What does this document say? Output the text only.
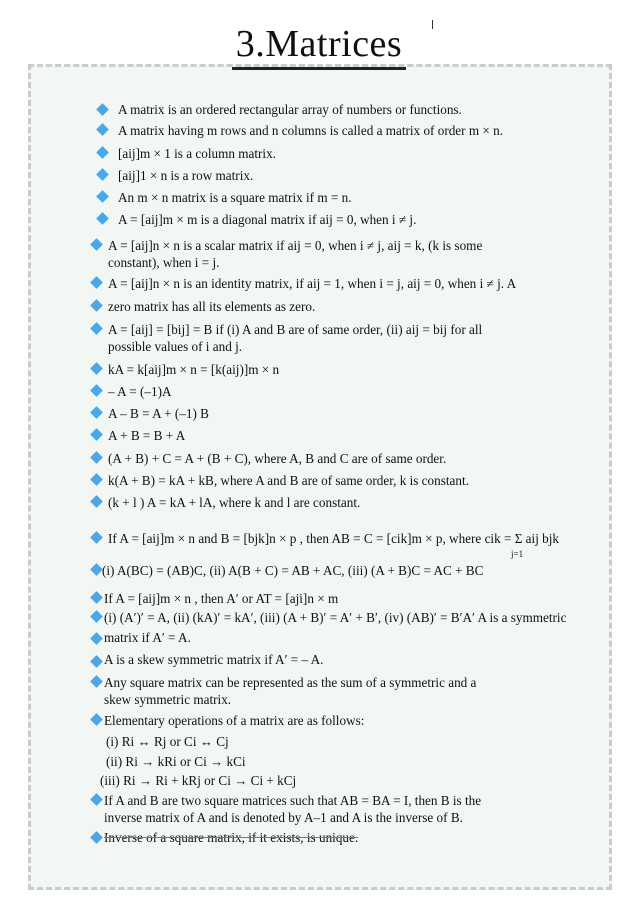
3.Matrices
A matrix is an ordered rectangular array of numbers or functions.
A matrix having m rows and n columns is called a matrix of order m × n.
[aij]m × 1 is a column matrix.
[aij]1 × n is a row matrix.
An m × n matrix is a square matrix if m = n.
A = [aij]m × m is a diagonal matrix if aij = 0, when i ≠ j.
A = [aij]n × n is a scalar matrix if aij = 0, when i ≠ j, aij = k, (k is some
constant), when i = j.
A = [aij]n × n is an identity matrix, if aij = 1, when i = j, aij = 0, when i ≠ j. A
zero matrix has all its elements as zero.
A = [aij] = [bij] = B if (i) A and B are of same order, (ii) aij = bij for all
possible values of i and j.
kA = k[aij]m × n = [k(aij)]m × n
– A = (–1)A
A – B = A + (–1) B
A + B = B + A
(A + B) + C = A + (B + C), where A, B and C are of same order.
k(A + B) = kA + kB, where A and B are of same order, k is constant.
(k + l ) A = kA + lA, where k and l are constant.
If A = [aij]m × n and B = [bjk]n × p , then AB = C = [cik]m × p, where cik = Σ aij bjk
j=1
(i) A(BC) = (AB)C, (ii) A(B + C) = AB + AC, (iii) (A + B)C = AC + BC
If A = [aij]m × n , then A′ or AT = [aji]n × m
(i) (A′)′ = A, (ii) (kA)′ = kA′, (iii) (A + B)′ = A′ + B′, (iv) (AB)′ = B′A′ A is a symmetric
matrix if A′ = A.
A is a skew symmetric matrix if A′ = – A.
Any square matrix can be represented as the sum of a symmetric and a
skew symmetric matrix.
Elementary operations of a matrix are as follows:
(i) Ri ↔ Rj or Ci ↔ Cj
(ii) Ri → kRi or Ci → kCi
(iii) Ri → Ri + kRj or Ci → Ci + kCj
If A and B are two square matrices such that AB = BA = I, then B is the
inverse matrix of A and is denoted by A–1 and A is the inverse of B.
Inverse of a square matrix, if it exists, is unique.
